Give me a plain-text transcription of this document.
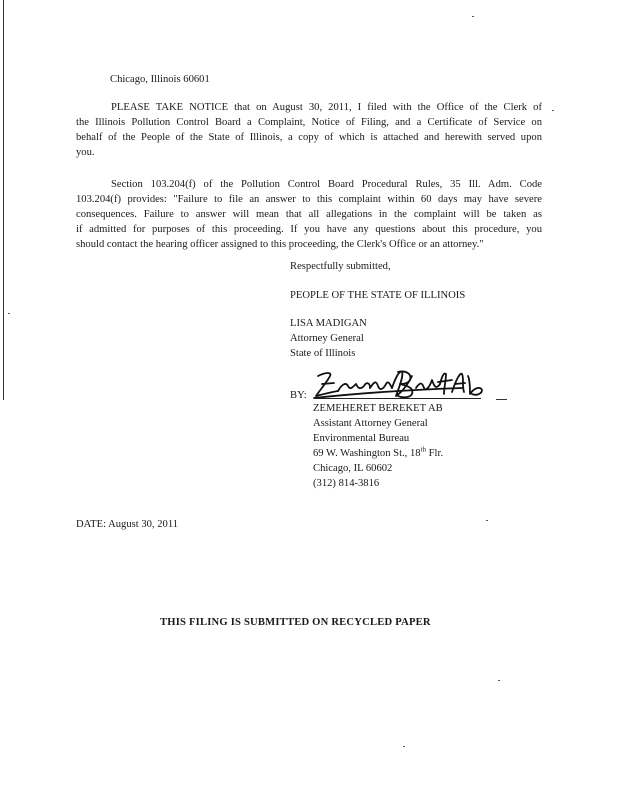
Chicago, Illinois 60601
PLEASE TAKE NOTICE that on August 30, 2011, I filed with the Office of the Clerk of
the Illinois Pollution Control Board a Complaint, Notice of Filing, and a Certificate of Service on
behalf of the People of the State of Illinois, a copy of which is attached and herewith served upon
you.
Section 103.204(f) of the Pollution Control Board Procedural Rules, 35 Ill. Adm. Code
103.204(f) provides: "Failure to file an answer to this complaint within 60 days may have severe
consequences. Failure to answer will mean that all allegations in the complaint will be taken as
if admitted for purposes of this proceeding. If you have any questions about this procedure, you
should contact the hearing officer assigned to this proceeding, the Clerk's Office or an attorney."
Respectfully submitted,
PEOPLE OF THE STATE OF ILLINOIS
LISA MADIGAN
Attorney General
State of Illinois
BY:
ZEMEHERET BEREKET AB
Assistant Attorney General
Environmental Bureau
69 W. Washington St., 18th Flr.
Chicago, IL 60602
(312) 814-3816
DATE: August 30, 2011
THIS FILING IS SUBMITTED ON RECYCLED PAPER
